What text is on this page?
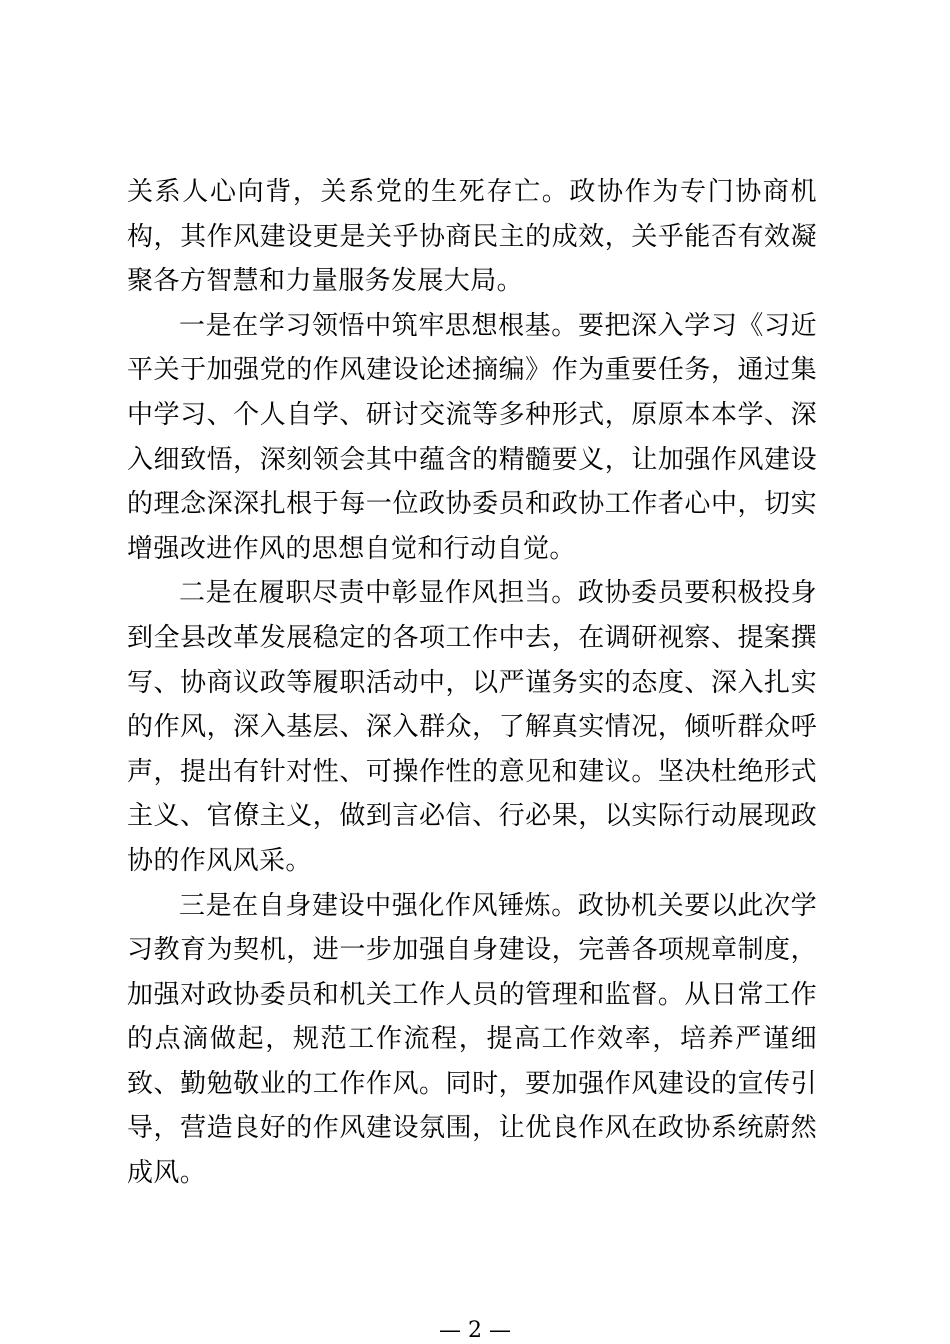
关系人心向背，关系党的生死存亡。政协作为专门协商机构，其作风建设更是关乎协商民主的成效，关乎能否有效凝聚各方智慧和力量服务发展大局。

一是在学习领悟中筑牢思想根基。要把深入学习《习近平关于加强党的作风建设论述摘编》作为重要任务，通过集中学习、个人自学、研讨交流等多种形式，原原本本学、深入细致悟，深刻领会其中蕴含的精髓要义，让加强作风建设的理念深深扎根于每一位政协委员和政协工作者心中，切实增强改进作风的思想自觉和行动自觉。

二是在履职尽责中彰显作风担当。政协委员要积极投身到全县改革发展稳定的各项工作中去，在调研视察、提案撰写、协商议政等履职活动中，以严谨务实的态度、深入扎实的作风，深入基层、深入群众，了解真实情况，倾听群众呼声，提出有针对性、可操作性的意见和建议。坚决杜绝形式主义、官僚主义，做到言必信、行必果，以实际行动展现政协的作风风采。

三是在自身建设中强化作风锤炼。政协机关要以此次学习教育为契机，进一步加强自身建设，完善各项规章制度，加强对政协委员和机关工作人员的管理和监督。从日常工作的点滴做起，规范工作流程，提高工作效率，培养严谨细致、勤勉敬业的工作作风。同时，要加强作风建设的宣传引导，营造良好的作风建设氛围，让优良作风在政协系统蔚然成风。

— 2 —
